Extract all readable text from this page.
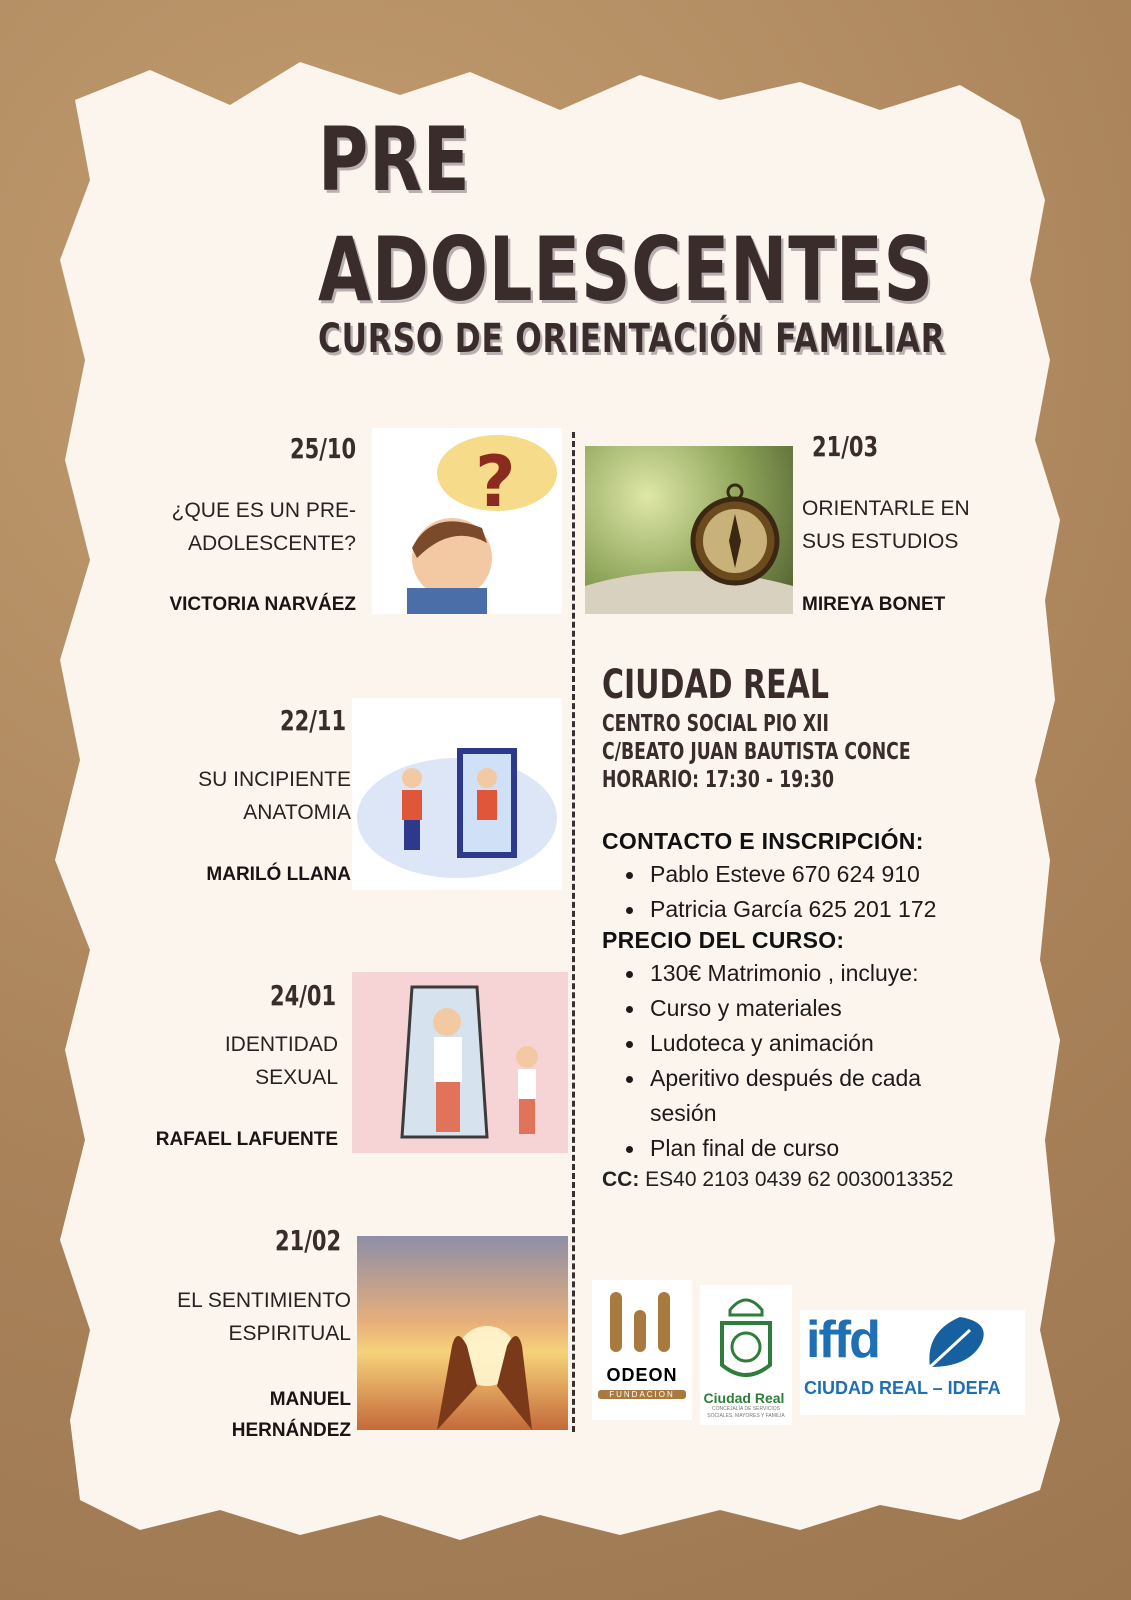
PRE
ADOLESCENTES
CURSO DE ORIENTACIÓN FAMILIAR
25/10
¿QUE ES UN PRE-
ADOLESCENTE?
VICTORIA NARVÁEZ
?
22/11
SU INCIPIENTE
ANATOMIA
MARILÓ LLANA
24/01
IDENTIDAD
SEXUAL
RAFAEL LAFUENTE
21/02
EL SENTIMIENTO
ESPIRITUAL
MANUEL
HERNÁNDEZ
21/03
ORIENTARLE EN
SUS ESTUDIOS
MIREYA BONET
CIUDAD REAL
CENTRO SOCIAL PIO XII
C/BEATO JUAN BAUTISTA CONCE
HORARIO: 17:30 - 19:30
CONTACTO E INSCRIPCIÓN:
Pablo Esteve 670 624 910
Patricia García 625 201 172
PRECIO DEL CURSO:
130€ Matrimonio , incluye:
Curso y materiales
Ludoteca y animación
Aperitivo después de cada sesión
Plan final de curso
CC: ES40 2103 0439 62 0030013352
ODEON
FUNDACION	Ciudad Real
CONCEJALÍA DE SERVICIOS SOCIALES, MAYORES Y FAMILIA
iffd
CIUDAD REAL – IDEFA
